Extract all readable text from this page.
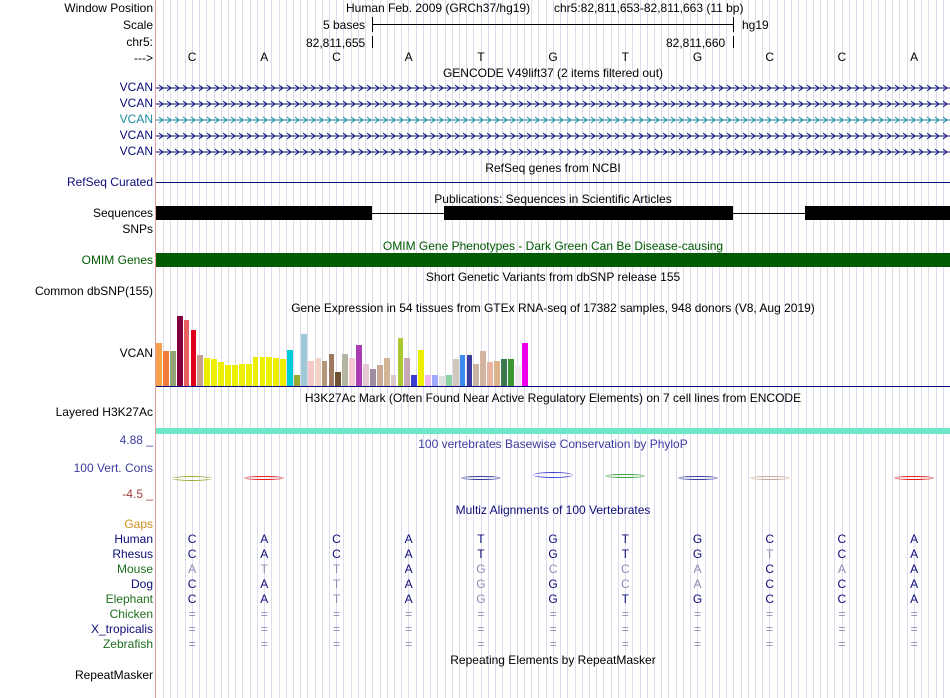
Window Position
Scale
chr5:
--->
VCAN
VCAN
VCAN
VCAN
VCAN
RefSeq Curated
Sequences
SNPs
OMIM Genes
Common dbSNP(155)
VCAN
Layered H3K27Ac
4.88 _
100 Vert. Cons
-4.5 _
Gaps
Human
Rhesus
Mouse
Dog
Elephant
Chicken
X_tropicalis
Zebrafish
RepeatMasker
Human Feb. 2009 (GRCh37/hg19) chr5:82,811,653-82,811,663 (11 bp)
5 bases	hg19
82,811,655	82,811,660
C	A	C	A	T	G	T	G	C	C	A
GENCODE V49lift37 (2 items filtered out)
RefSeq genes from NCBI
Publications: Sequences in Scientific Articles
OMIM Gene Phenotypes - Dark Green Can Be Disease-causing
Short Genetic Variants from dbSNP release 155
Gene Expression in 54 tissues from GTEx RNA-seq of 17382 samples, 948 donors (V8, Aug 2019)
H3K27Ac Mark (Often Found Near Active Regulatory Elements) on 7 cell lines from ENCODE
100 vertebrates Basewise Conservation by PhyloP
Multiz Alignments of 100 Vertebrates
C	A	C	A	T	G	T	G	C	C	A
C	A	C	A	T	G	T	G	T	C	A
A	T	T	A	G	C	C	A	C	A	A
C	A	T	A	G	G	C	A	C	C	A
C	A	T	A	G	G	T	G	C	C	A
=	=	=	=	=	=	=	=	=	=	=
=	=	=	=	=	=	=	=	=	=	=
=	=	=	=	=	=	=	=	=	=	=
Repeating Elements by RepeatMasker
